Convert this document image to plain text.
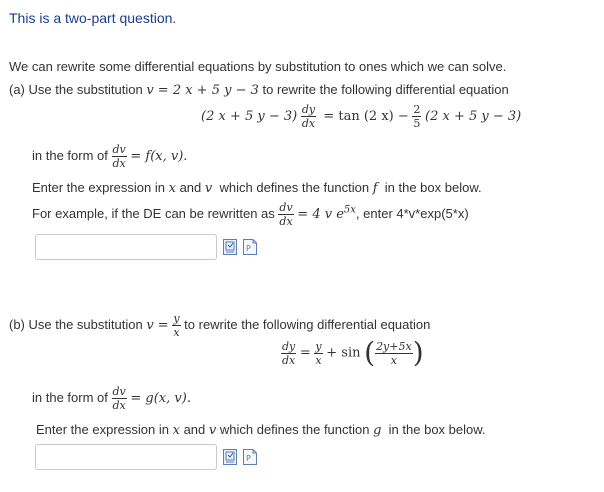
This is a two-part question.
We can rewrite some differential equations by substitution to ones which we can solve.
(a) Use the substitution v = 2 x + 5 y − 3 to rewrite the following differential equation
(2 x + 5 $y - 3) \frac{dy}{dx} = \tan (2$ $x) - \frac{2}{5} (2$ x + 5 y − 3)
in the form of $\frac{dv}{dx} = f(x$, v).
Enter the expression in x and v which defines the function f in the box below.
For example, if the DE can be rewritten as $\frac{dv}{dx} = 4$ v $e^{5x}$, enter 4*v*exp(5*x)
P
(b) Use the substitution $v = \frac{y}{x}$ to rewrite the following differential equation
$\frac{dy}{dx} = \frac{y}{x} + \sin$ ( $\frac{2y+5x}{x}$ )
in the form of $\frac{dv}{dx} = g(x$, v).
Enter the expression in x and v which defines the function g in the box below.
P
